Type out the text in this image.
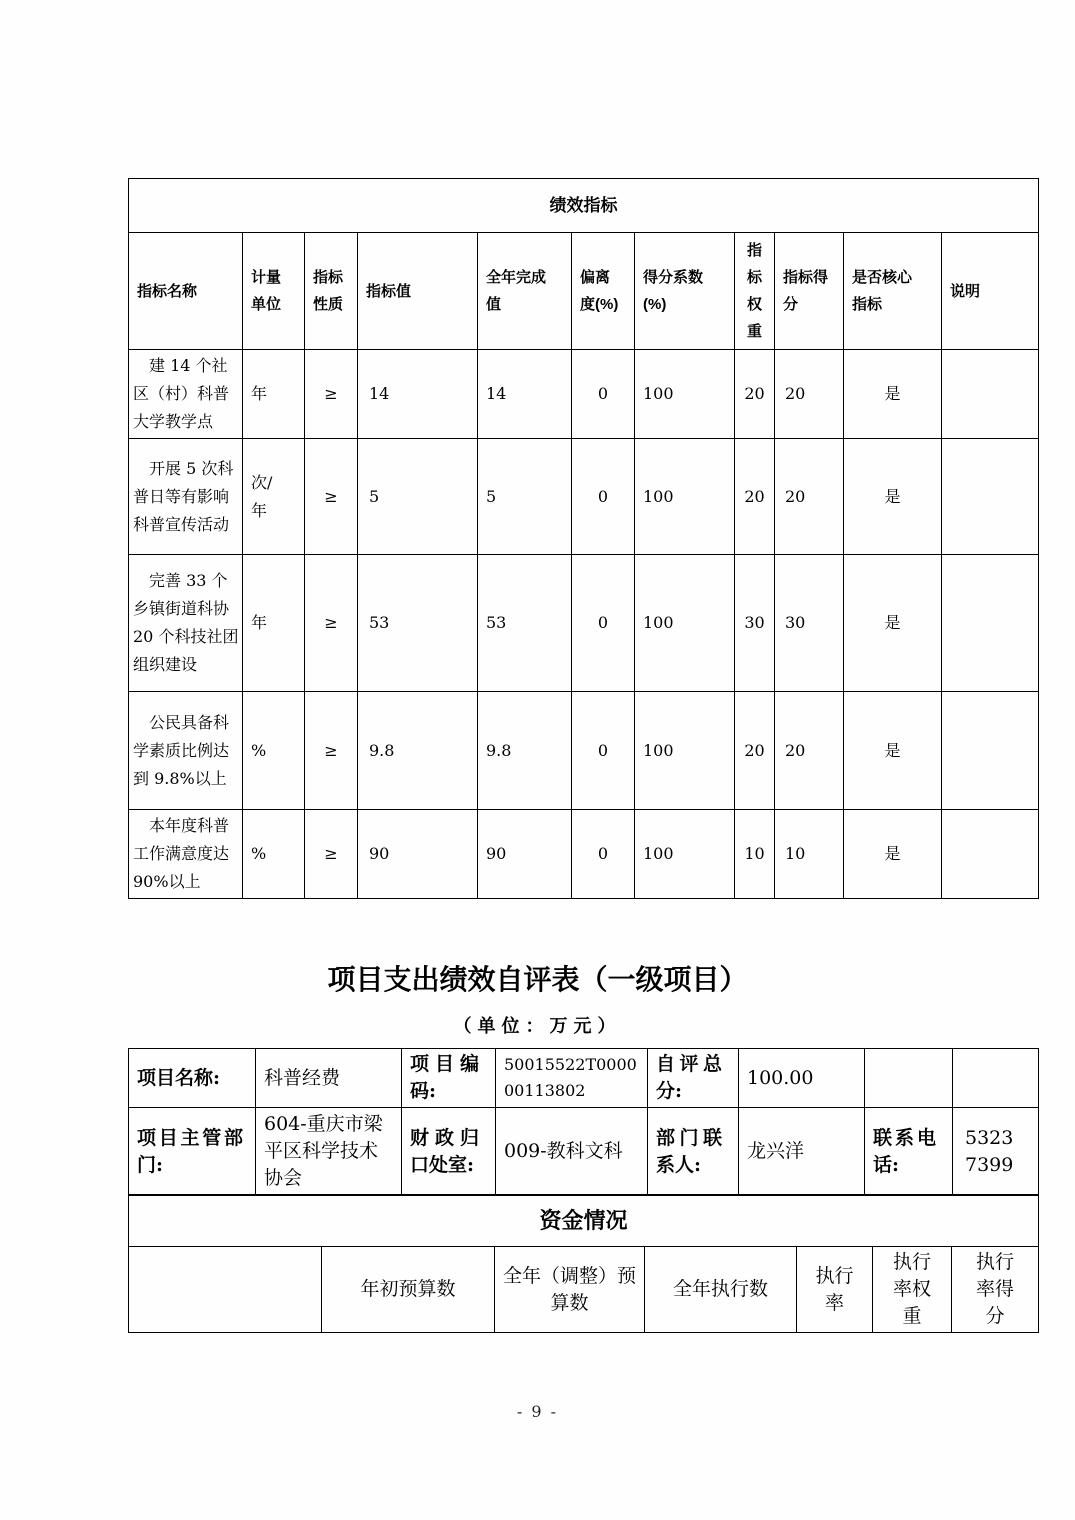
绩效指标										
指标名称	计量单位	指标性质	指标值	全年完成值	偏离度(%)	得分系数(%)	指标权重	指标得分	是否核心指标	说明
建 14 个社区（村）科普大学教学点	年	≥	14	14	0	100	20	20	是	
开展 5 次科普日等有影响科普宣传活动	次/年	≥	5	5	0	100	20	20	是	
完善 33 个乡镇街道科协 20 个科技社团组织建设	年	≥	53	53	0	100	30	30	是	
公民具备科学素质比例达到 9.8%以上	%	≥	9.8	9.8	0	100	20	20	是	
本年度科普工作满意度达 90%以上	%	≥	90	90	0	100	10	10	是	
项目支出绩效自评表（一级项目）
（单位：万元）
项目名称:	科普经费	项目编码:	50015522T000000113802	自评总分:	100.00		
项目主管部门:	604-重庆市梁平区科学技术协会	财政归口处室:	009-教科文科	部门联系人:	龙兴洋	联系电话:	53237399
资金情况
	年初预算数	全年（调整）预算数	全年执行数	执行率	执行率权重	执行率得分
- 9 -
